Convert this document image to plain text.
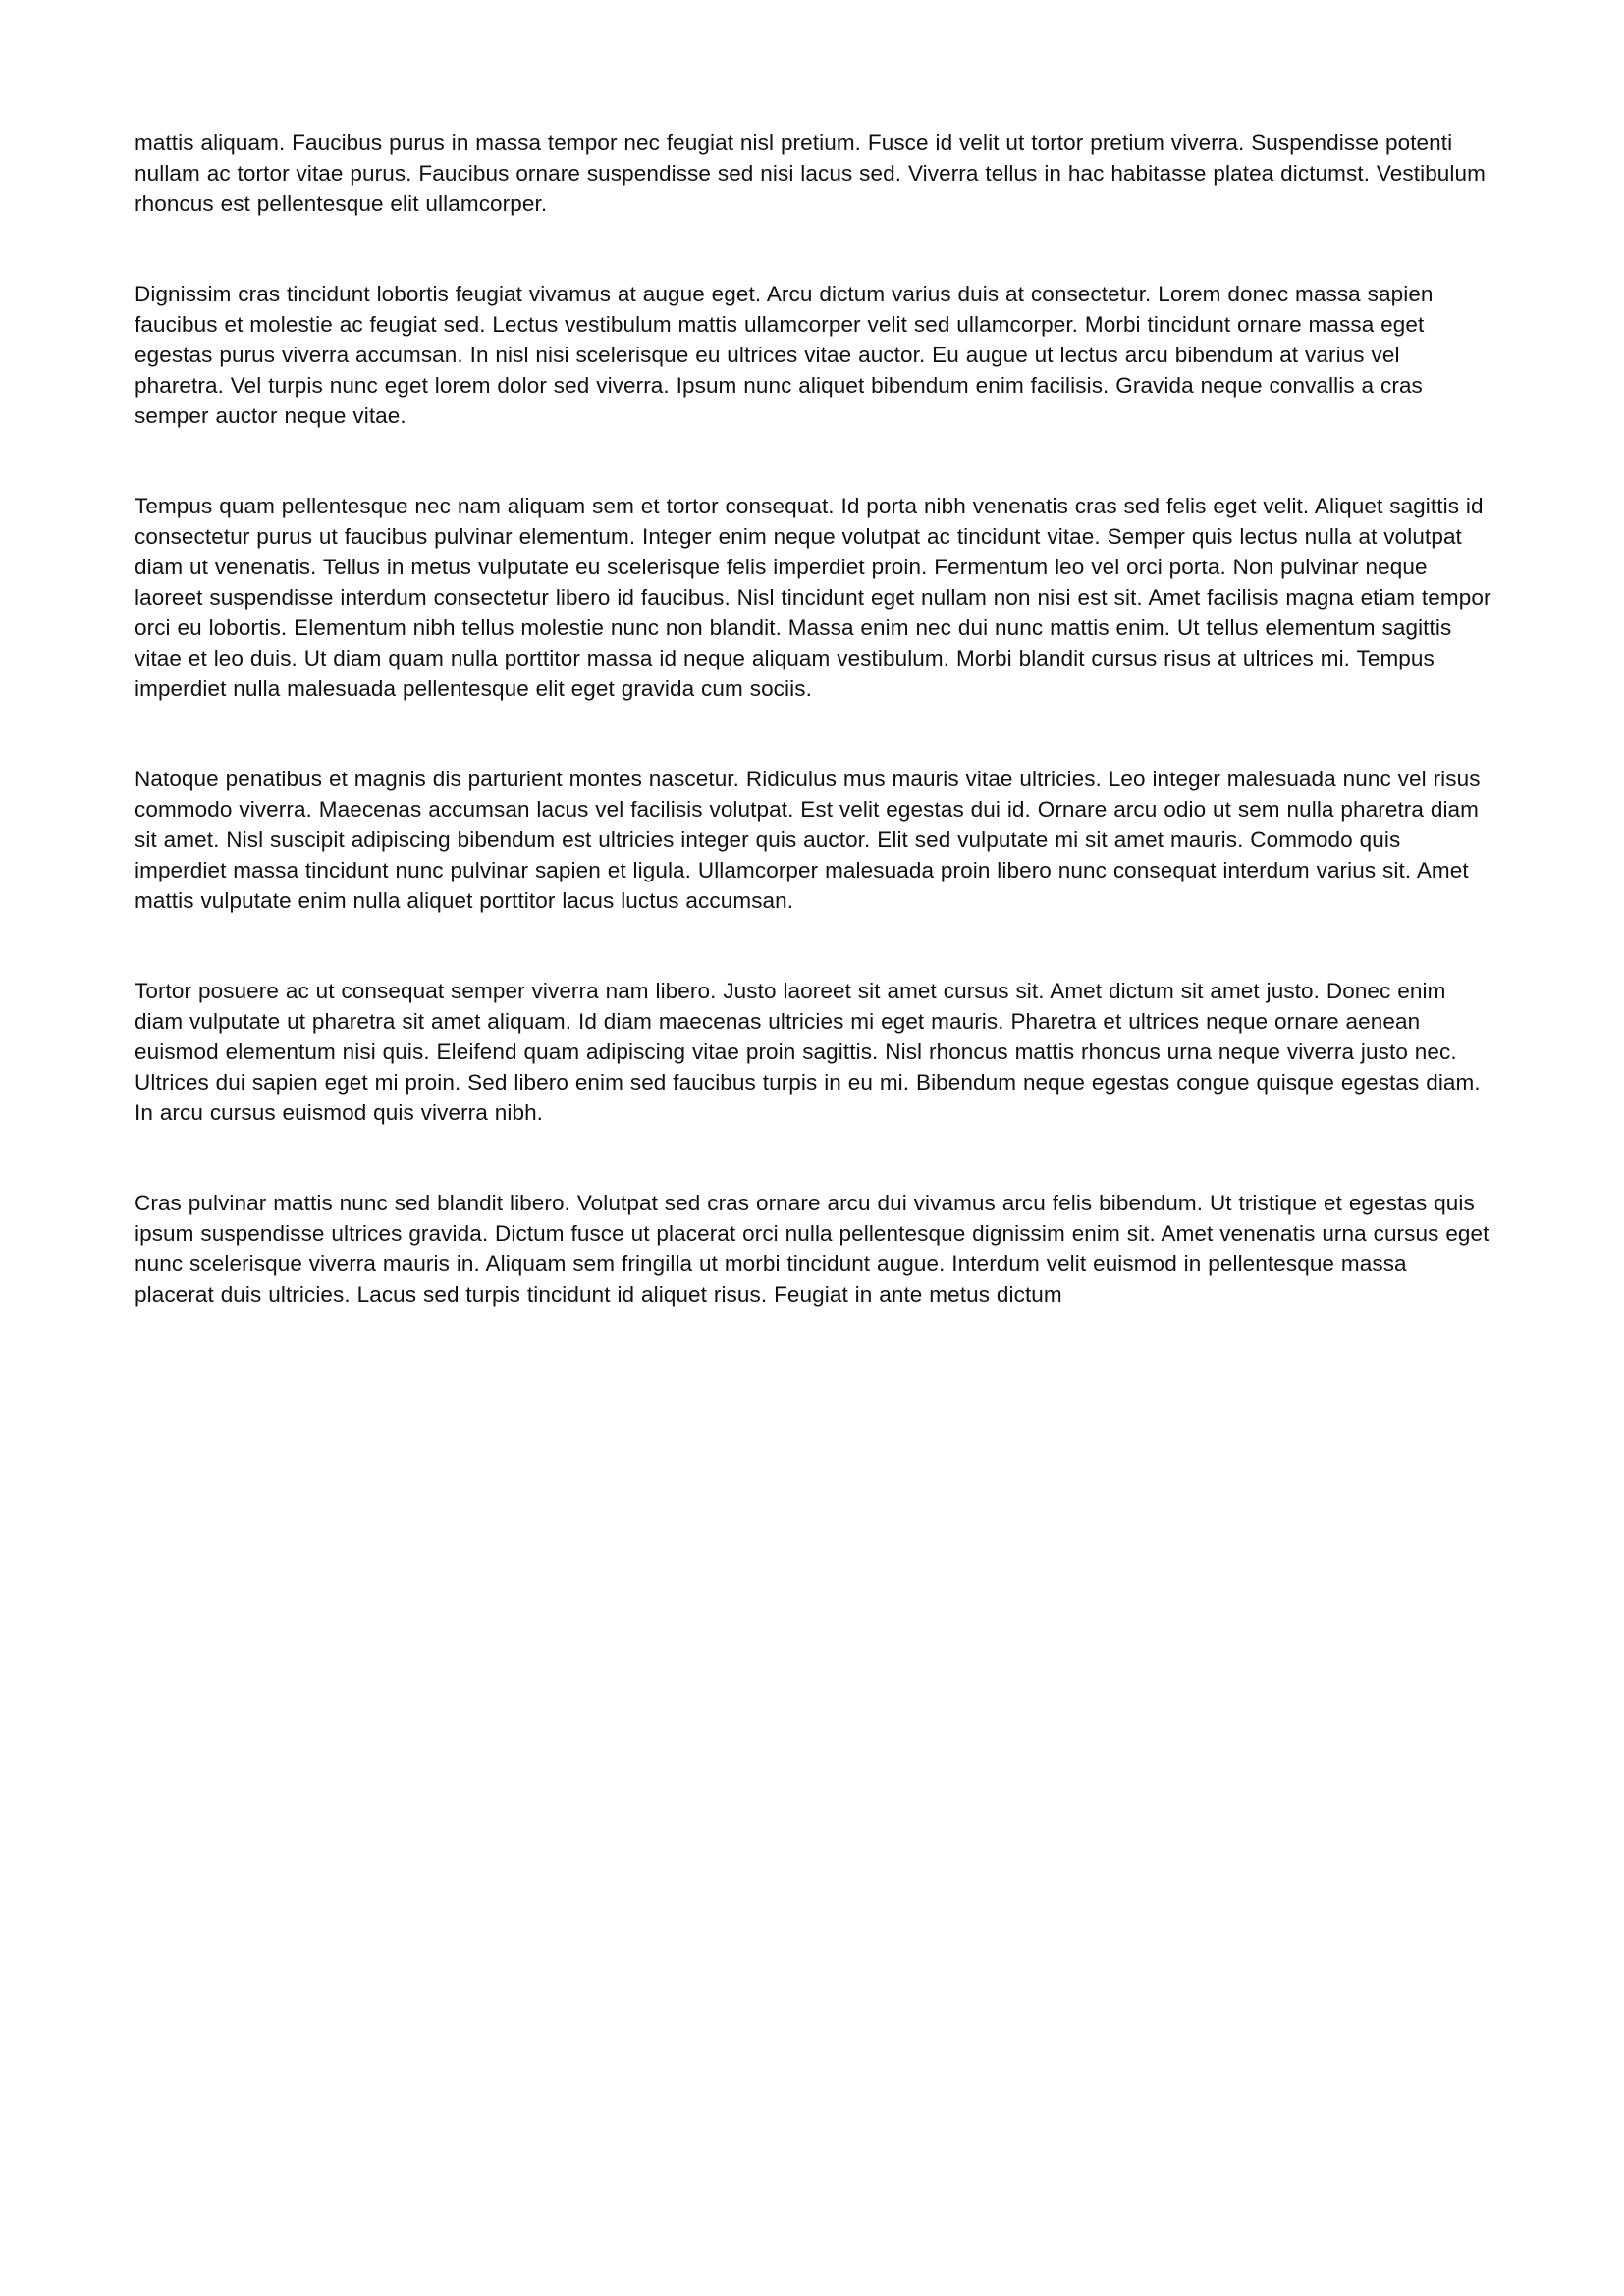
mattis aliquam. Faucibus purus in massa tempor nec feugiat nisl pretium. Fusce id velit ut tortor pretium viverra. Suspendisse potenti nullam ac tortor vitae purus. Faucibus ornare suspendisse sed nisi lacus sed. Viverra tellus in hac habitasse platea dictumst. Vestibulum rhoncus est pellentesque elit ullamcorper.

Dignissim cras tincidunt lobortis feugiat vivamus at augue eget. Arcu dictum varius duis at consectetur. Lorem donec massa sapien faucibus et molestie ac feugiat sed. Lectus vestibulum mattis ullamcorper velit sed ullamcorper. Morbi tincidunt ornare massa eget egestas purus viverra accumsan. In nisl nisi scelerisque eu ultrices vitae auctor. Eu augue ut lectus arcu bibendum at varius vel pharetra. Vel turpis nunc eget lorem dolor sed viverra. Ipsum nunc aliquet bibendum enim facilisis. Gravida neque convallis a cras semper auctor neque vitae.

Tempus quam pellentesque nec nam aliquam sem et tortor consequat. Id porta nibh venenatis cras sed felis eget velit. Aliquet sagittis id consectetur purus ut faucibus pulvinar elementum. Integer enim neque volutpat ac tincidunt vitae. Semper quis lectus nulla at volutpat diam ut venenatis. Tellus in metus vulputate eu scelerisque felis imperdiet proin. Fermentum leo vel orci porta. Non pulvinar neque laoreet suspendisse interdum consectetur libero id faucibus. Nisl tincidunt eget nullam non nisi est sit. Amet facilisis magna etiam tempor orci eu lobortis. Elementum nibh tellus molestie nunc non blandit. Massa enim nec dui nunc mattis enim. Ut tellus elementum sagittis vitae et leo duis. Ut diam quam nulla porttitor massa id neque aliquam vestibulum. Morbi blandit cursus risus at ultrices mi. Tempus imperdiet nulla malesuada pellentesque elit eget gravida cum sociis.

Natoque penatibus et magnis dis parturient montes nascetur. Ridiculus mus mauris vitae ultricies. Leo integer malesuada nunc vel risus commodo viverra. Maecenas accumsan lacus vel facilisis volutpat. Est velit egestas dui id. Ornare arcu odio ut sem nulla pharetra diam sit amet. Nisl suscipit adipiscing bibendum est ultricies integer quis auctor. Elit sed vulputate mi sit amet mauris. Commodo quis imperdiet massa tincidunt nunc pulvinar sapien et ligula. Ullamcorper malesuada proin libero nunc consequat interdum varius sit. Amet mattis vulputate enim nulla aliquet porttitor lacus luctus accumsan.

Tortor posuere ac ut consequat semper viverra nam libero. Justo laoreet sit amet cursus sit. Amet dictum sit amet justo. Donec enim diam vulputate ut pharetra sit amet aliquam. Id diam maecenas ultricies mi eget mauris. Pharetra et ultrices neque ornare aenean euismod elementum nisi quis. Eleifend quam adipiscing vitae proin sagittis. Nisl rhoncus mattis rhoncus urna neque viverra justo nec. Ultrices dui sapien eget mi proin. Sed libero enim sed faucibus turpis in eu mi. Bibendum neque egestas congue quisque egestas diam. In arcu cursus euismod quis viverra nibh.

Cras pulvinar mattis nunc sed blandit libero. Volutpat sed cras ornare arcu dui vivamus arcu felis bibendum. Ut tristique et egestas quis ipsum suspendisse ultrices gravida. Dictum fusce ut placerat orci nulla pellentesque dignissim enim sit. Amet venenatis urna cursus eget nunc scelerisque viverra mauris in. Aliquam sem fringilla ut morbi tincidunt augue. Interdum velit euismod in pellentesque massa placerat duis ultricies. Lacus sed turpis tincidunt id aliquet risus. Feugiat in ante metus dictum
